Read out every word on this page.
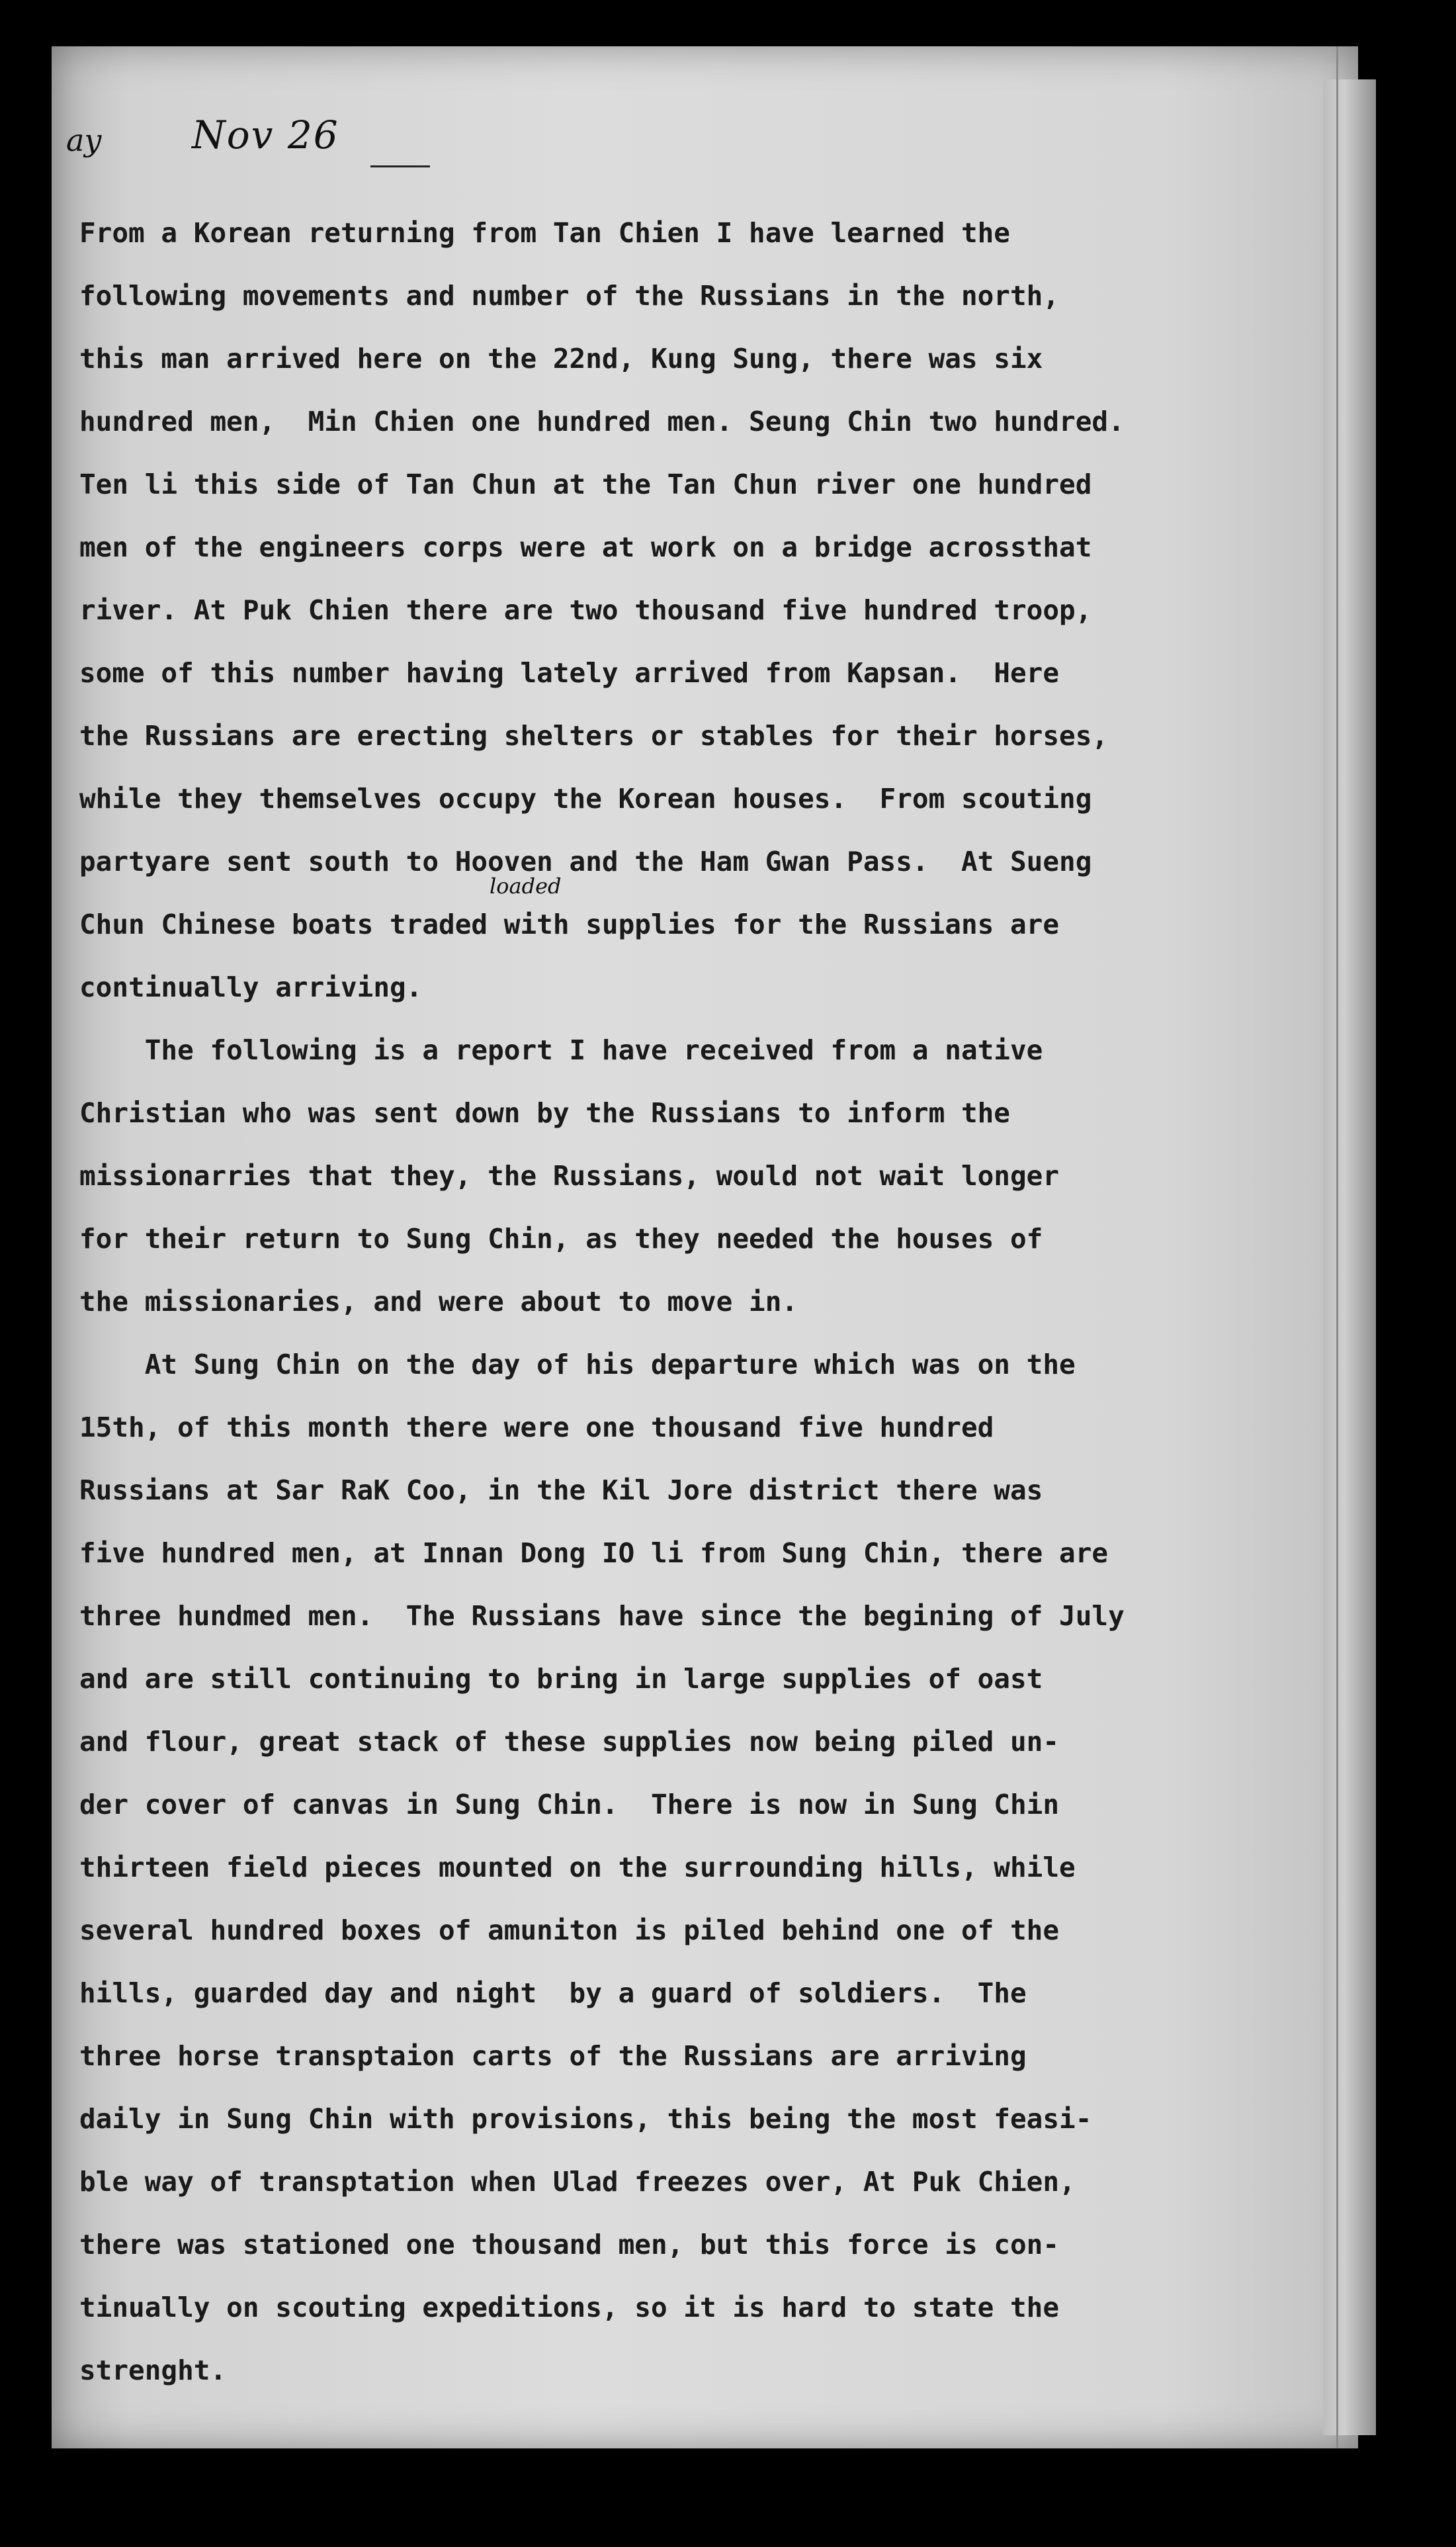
ay Nov 26
loaded
From a Korean returning from Tan Chien I have learned the
following movements and number of the Russians in the north,
this man arrived here on the 22nd, Kung Sung, there was six
hundred men,  Min Chien one hundred men. Seung Chin two hundred.
Ten li this side of Tan Chun at the Tan Chun river one hundred
men of the engineers corps were at work on a bridge acrossthat
river. At Puk Chien there are two thousand five hundred troop,
some of this number having lately arrived from Kapsan.  Here
the Russians are erecting shelters or stables for their horses,
while they themselves occupy the Korean houses.  From scouting
partyare sent south to Hooven and the Ham Gwan Pass.  At Sueng
Chun Chinese boats traded with supplies for the Russians are
continually arriving.
The following is a report I have received from a native
Christian who was sent down by the Russians to inform the
missionarries that they, the Russians, would not wait longer
for their return to Sung Chin, as they needed the houses of
the missionaries, and were about to move in.
At Sung Chin on the day of his departure which was on the
15th, of this month there were one thousand five hundred
Russians at Sar RaK Coo, in the Kil Jore district there was
five hundred men, at Innan Dong IO li from Sung Chin, there are
three hundmed men.  The Russians have since the begining of July
and are still continuing to bring in large supplies of oast
and flour, great stack of these supplies now being piled un-
der cover of canvas in Sung Chin.  There is now in Sung Chin
thirteen field pieces mounted on the surrounding hills, while
several hundred boxes of amuniton is piled behind one of the
hills, guarded day and night  by a guard of soldiers.  The
three horse transptaion carts of the Russians are arriving
daily in Sung Chin with provisions, this being the most feasi-
ble way of transptation when Ulad freezes over, At Puk Chien,
there was stationed one thousand men, but this force is con-
tinually on scouting expeditions, so it is hard to state the
strenght.
